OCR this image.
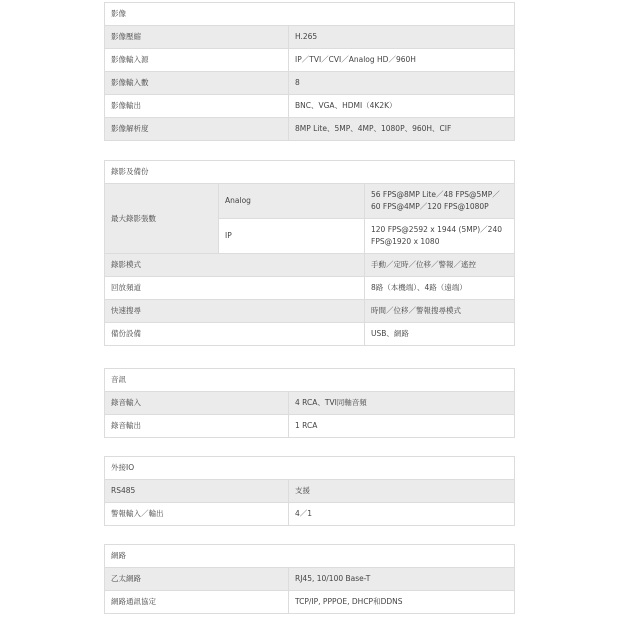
影像	
影像壓縮	H.265
影像輸入源	IP／TVI／CVI／Analog HD／960H
影像輸入數	8
影像輸出	BNC、VGA、HDMI（4K2K）
影像解析度	8MP Lite、5MP、4MP、1080P、960H、CIF
錄影及備份		
最大錄影張數	Analog	56 FPS@8MP Lite／48 FPS@5MP／60 FPS@4MP／120 FPS@1080P
	IP	120 FPS@2592 x 1944 (5MP)／240 FPS@1920 x 1080
錄影模式		手動／定時／位移／警報／遙控
回放頻道		8路（本機端）、4路（遠端）
快速搜尋		時間／位移／警報搜尋模式
備份設備		USB、網路
音訊	
錄音輸入	4 RCA、TVI同軸音頻
錄音輸出	1 RCA
外接IO	
RS485	支援
警報輸入／輸出	4／1
網路	
乙太網路	RJ45, 10/100 Base-T
網路通訊協定	TCP/IP, PPPOE, DHCP和DDNS
